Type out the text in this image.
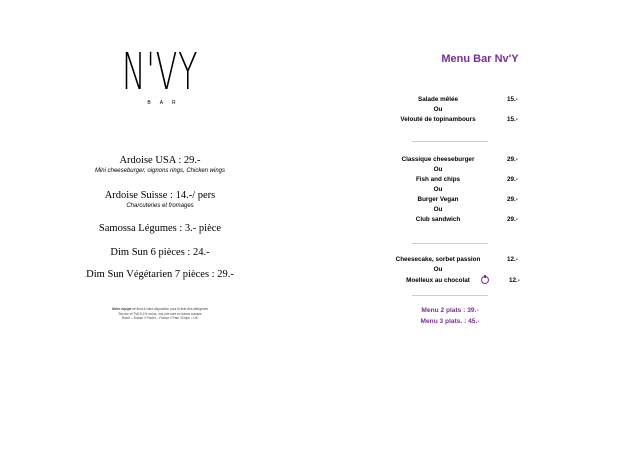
N'VY
BAR
Ardoise USA : 29.-
Mini cheeseburger, oignons rings, Chicken wings
Ardoise Suisse : 14.-/ pers
Charcuteries et fromages
Samossa Légumes : 3.- pièce
Dim Sun 6 pièces : 24.-
Dim Sun Végétarien 7 pièces : 29.-
Notre équipe se tient à votre disposition pour la liste des allergènes
Service et TVA 8,1% inclus, nos prix sont en francs suisses
Bœuf – Suisse // Poulet – France // Pain //Chips – UK
Menu Bar Nv'Y
Salade mêlée	15.-
Ou
Velouté de topinambours	15.-
Classique cheeseburger	29.-
Ou
Fish and chips	29.-
Ou
Burger Vegan	29.-
Ou
Club sandwich	29.-
Cheesecake, sorbet passion	12.-
Ou
Moelleux au chocolat	12.-
Menu 2 plats : 39.-
Menu 3 plats. : 45.-
